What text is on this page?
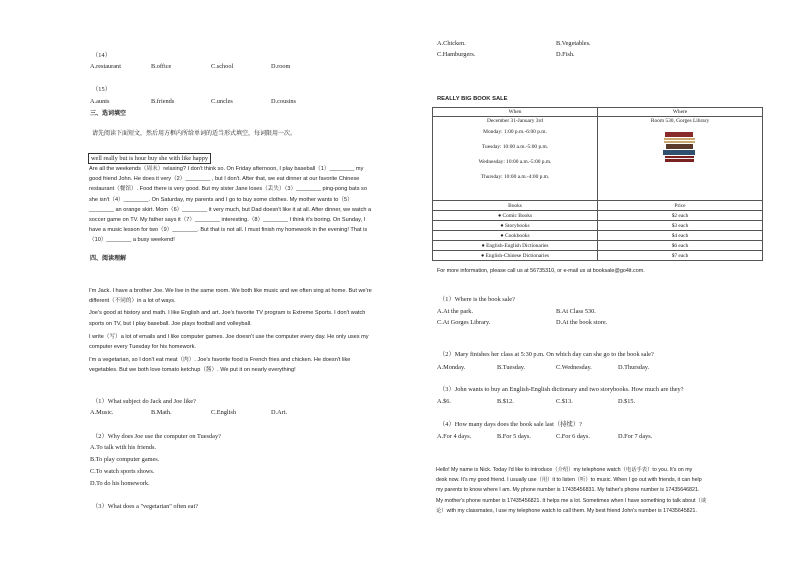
（14）
A.restaurant	B.office	C.school	D.room
（15）
A.aunts	B.friends	C.uncles	D.cousins
三、选词填空
请先阅读下面短文，然后用方框内所给单词的适当形式填空，每词限用一次。
well really but is hour buy she with like happy
Are all the weekends（周末）relaxing? I don't think so. On Friday afternoon, I play baseball（1）________ my
good friend John. He does it very（2）________ , but I don't. After that, we eat dinner at our favorite Chinese
restaurant（餐馆）. Food there is very good. But my sister Jane loses（丢失）（3）________ ping-pong bats so
she isn't（4）________. On Saturday, my parents and I go to buy some clothes. My mother wants to（5）
________ an orange skirt. Mom（6）________ it very much, but Dad doesn't like it at all. After dinner, we watch a
soccer game on TV. My father says it（7）________ interesting.（8）________ I think it's boring. On Sunday, I
have a music lesson for two（9）________. But that is not all. I must finish my homework in the evening! That is
（10）________ a busy weekend!
四、阅读理解
I'm Jack. I have a brother Joe. We live in the same room. We both like music and we often sing at home. But we're
different（不同的）in a lot of ways.
Joe's good at history and math. I like English and art. Joe's favorite TV program is Extreme Sports. I don't watch
sports on TV, but I play baseball. Joe plays football and volleyball.
I write（写）a lot of emails and I like computer games. Joe doesn't use the computer every day. He only uses my
computer every Tuesday for his homework.
I'm a vegetarian, so I don't eat meat（肉）. Joe's favorite food is French fries and chicken. He doesn't like
vegetables. But we both love tomato ketchup（酱）. We put it on nearly everything!
（1）What subject do Jack and Joe like?
A.Music.	B.Math.	C.English	D.Art.
（2）Why does Joe use the computer on Tuesday?
A.To talk with his friends.
B.To play computer games.
C.To watch sports shows.
D.To do his homework.
（3）What does a "vegetarian" often eat?
A.Chicken.	B.Vegetables.
C.Hamburgers.	D.Fish.
REALLY BIG BOOK SALE
When	Where

December 31-January 3rd
Monday: 1:00 p.m.-6:00 p.m.
Tuesday: 10:00 a.m.-5:00 p.m.
Wednesday: 10:00 a.m.-5:00 p.m.
Thursday: 10:00 a.m.-4:00 p.m.	Room 530, Gorges Library

Books	Price
● Comic Books	$2 each
● Storybooks	$3 each
● Cookbooks	$4 each
● English-English Dictionaries	$6 each
● English-Chinese Dictionaries	$7 each
For more information, please call us at 56735310, or e-mail us at booksale@go4it.com.
（1）Where is the book sale?
A.At the park.	B.At Class 530.
C.At Gorges Library.	D.At the book store.
（2）Mary finishes her class at 5:30 p.m. On which day can she go to the book sale?
A.Monday.	B.Tuesday.	C.Wednesday.	D.Thursday.
（3）John wants to buy an English-English dictionary and two storybooks. How much are they?
A.$6.	B.$12.	C.$13.	D.$15.
（4）How many days does the book sale last（持续）?
A.For 4 days.	B.For 5 days.	C.For 6 days.	D.For 7 days.
Hello! My name is Nick. Today I'd like to introduce（介绍）my telephone watch（电话手表）to you. It's on my
desk now. It's my good friend. I usually use（用）it to listen（听）to music. When I go out with friends, it can help
my parents to know where I am. My phone number is 17435456831. My father's phone number is 17435646821.
My mother's phone number is 17435456821. It helps me a lot. Sometimes when I have something to talk about（谈
论）with my classmates, I use my telephone watch to call them. My best friend John's number is 17435645821.
